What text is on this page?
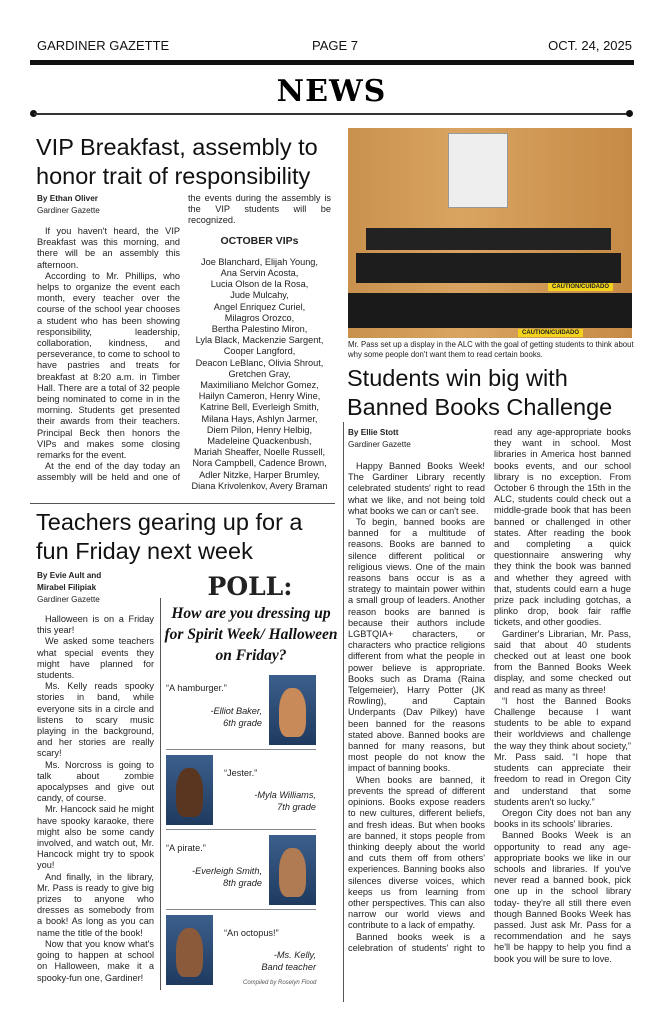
GARDINER GAZETTE	PAGE 7	OCT. 24, 2025
NEWS
VIP Breakfast, assembly to honor trait of responsibility
By Ethan Oliver
Gardiner Gazette

If you haven't heard, the VIP Breakfast was this morning, and there will be an assembly this afternoon.

According to Mr. Phillips, who helps to organize the event each month, every teacher over the course of the school year chooses a student who has been showing responsibility, leadership, collaboration, kindness, and perseverance, to come to school to have pastries and treats for breakfast at 8:20 a.m. in Timber Hall. There are a total of 32 people being nominated to come in in the morning. Students get presented their awards from their teachers. Principal Beck then honors the VIPs and makes some closing remarks for the event.

At the end of the day today an assembly will be held and one of the events during the assembly is the VIP students will be recognized.

OCTOBER VIPs
Joe Blanchard, Elijah Young,
Ana Servin Acosta,
Lucia Olson de la Rosa,
Jude Mulcahy,
Angel Enriquez Curiel,
Milagros Orozco,
Bertha Palestino Miron,
Lyla Black, Mackenzie Sargent,
Cooper Langford,
Deacon LeBlanc, Olivia Shrout,
Gretchen Gray,
Maximiliano Melchor Gomez,
Hailyn Cameron, Henry Wine,
Katrine Bell, Everleigh Smith,
Milana Hays, Ashlyn Jarmer,
Diem Pilon, Henry Helbig,
Madeleine Quackenbush,
Mariah Sheaffer, Noelle Russell,
Nora Campbell, Cadence Brown,
Adler Nitzke, Harper Brumley,
Diana Krivolenkov, Avery Braman
Teachers gearing up for a fun Friday next week
By Evie Ault and
Mirabel Filipiak
Gardiner Gazette

Halloween is on a Friday this year!

We asked some teachers what special events they might have planned for students.

Ms. Kelly reads spooky stories in band, while everyone sits in a circle and listens to scary music playing in the background, and her stories are really scary!

Ms. Norcross is going to talk about zombie apocalypses and give out candy, of course.

Mr. Hancock said he might have spooky karaoke, there might also be some candy involved, and watch out, Mr. Hancock might try to spook you!

And finally, in the library, Mr. Pass is ready to give big prizes to anyone who dresses as somebody from a book! As long as you can name the title of the book!

Now that you know what's going to happen at school on Halloween, make it a spooky-fun one, Gardiner!

POLL:
How are you dressing up for Spirit Week/ Halloween on Friday?
“A hamburger.”
-Elliot Baker,
6th grade
“Jester.”
-Myla Williams,
7th grade
“A pirate.”
-Everleigh Smith,
8th grade
“An octopus!”
-Ms. Kelly,
Band teacher
Compiled by Roselyn Flood
CAUTION/CUIDADO
CAUTION/CUIDADO
Mr. Pass set up a display in the ALC with the goal of getting students to think about why some people don't want them to read certain books.
Students win big with Banned Books Challenge
By Ellie Stott
Gardiner Gazette

Happy Banned Books Week! The Gardiner Library recently celebrated students' right to read what we like, and not being told what books we can or can't see.

To begin, banned books are banned for a multitude of reasons. Books are banned to silence different political or religious views. One of the main reasons bans occur is as a strategy to maintain power within a small group of leaders. Another reason books are banned is because their authors include LGBTQIA+ characters, or characters who practice religions different from what the people in power believe is appropriate. Books such as Drama (Raina Telgemeier), Harry Potter (JK Rowling), and Captain Underpants (Dav Pilkey) have been banned for the reasons stated above. Banned books are banned for many reasons, but most people do not know the impact of banning books.

When books are banned, it prevents the spread of different opinions. Books expose readers to new cultures, different beliefs, and fresh ideas. But when books are banned, it stops people from thinking deeply about the world and cuts them off from others' experiences. Banning books also silences diverse voices, which keeps us from learning from other perspectives. This can also narrow our world views and contribute to a lack of empathy.

Banned books week is a celebration of students' right to read any age-appropriate books they want in school. Most libraries in America host banned books events, and our school library is no exception. From October 6 through the 15th in the ALC, students could check out a middle-grade book that has been banned or challenged in other states. After reading the book and completing a quick questionnaire answering why they think the book was banned and whether they agreed with that, students could earn a huge prize pack including gotchas, a plinko drop, book fair raffle tickets, and other goodies.

Gardiner's Librarian, Mr. Pass, said that about 40 students checked out at least one book from the Banned Books Week display, and some checked out and read as many as three!

“I host the Banned Books Challenge because I want students to be able to expand their worldviews and challenge the way they think about society,” Mr. Pass said. “I hope that students can appreciate their freedom to read in Oregon City and understand that some students aren't so lucky.”

Oregon City does not ban any books in its schools' libraries.

Banned Books Week is an opportunity to read any age-appropriate books we like in our schools and libraries. If you've never read a banned book, pick one up in the school library today- they're all still there even though Banned Books Week has passed. Just ask Mr. Pass for a recommendation and he says he'll be happy to help you find a book you will be sure to love.
